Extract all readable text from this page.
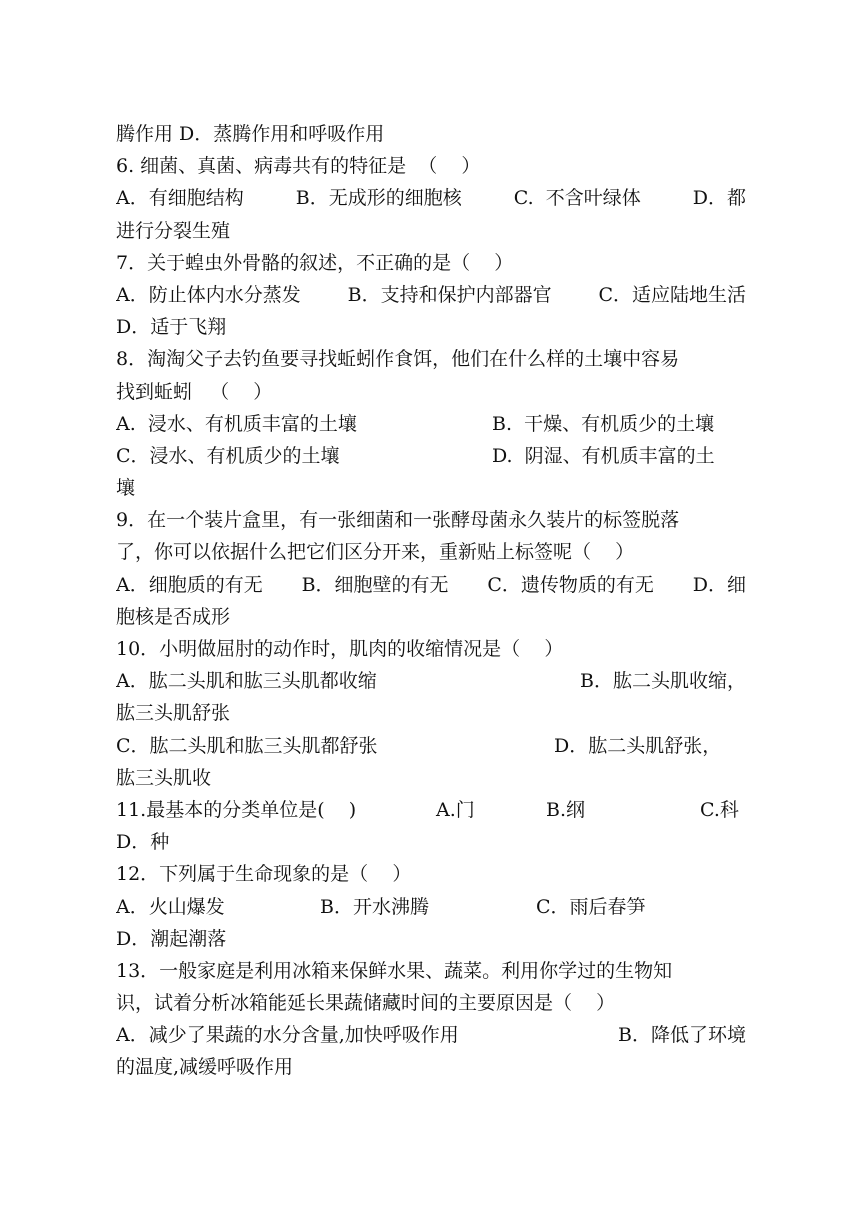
腾作用 D．蒸腾作用和呼吸作用
6. 细菌、真菌、病毒共有的特征是  （    ）
A．有细胞结构	B．无成形的细胞核	C.  不含叶绿体	D．都
进行分裂生殖
7．关于蝗虫外骨骼的叙述，不正确的是（    ）
A．防止体内水分蒸发 B．支持和保护内部器官 C．适应陆地生活
D．适于飞翔
8．淘淘父子去钓鱼要寻找蚯蚓作食饵，他们在什么样的土壤中容易
找到蚯蚓   （    ）
A.  浸水、有机质丰富的土壤	B.  干燥、有机质少的土壤
C．浸水、有机质少的土壤	D.  阴湿、有机质丰富的土
壤
9．在一个装片盒里，有一张细菌和一张酵母菌永久装片的标签脱落
了，你可以依据什么把它们区分开来，重新贴上标签呢（    ）
A．细胞质的有无 B．细胞壁的有无 C．遗传物质的有无 D．细
胞核是否成形
10．小明做屈肘的动作时，肌肉的收缩情况是（    ）
A．肱二头肌和肱三头肌都收缩	B．肱二头肌收缩，
肱三头肌舒张
C．肱二头肌和肱三头肌都舒张	D．肱二头肌舒张，
肱三头肌收
11.最基本的分类单位是(    )	A.门	B.纲	C.科
D．种
12．下列属于生命现象的是（    ）
A．火山爆发	B．开水沸腾	C．雨后春笋
D．潮起潮落
13．一般家庭是利用冰箱来保鲜水果、蔬菜。利用你学过的生物知
识，试着分析冰箱能延长果蔬储藏时间的主要原因是（    ）
A．减少了果蔬的水分含量,加快呼吸作用	B．降低了环境
的温度,减缓呼吸作用
